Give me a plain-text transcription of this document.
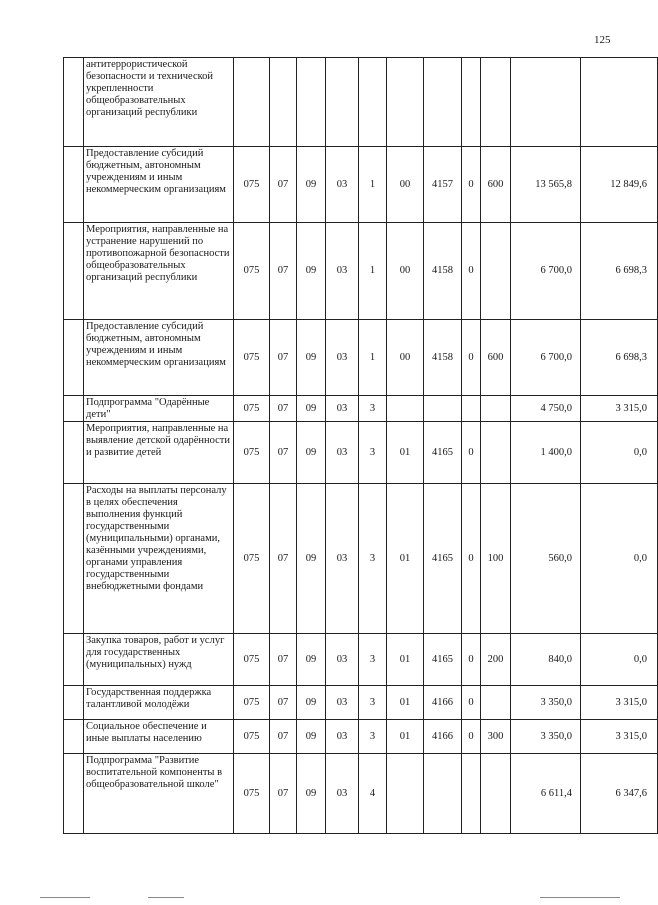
125
	антитеррористической безопасности и технической укрепленности общеобразовательных организаций республики											
	Предоставление субсидий бюджетным, автономным учреждениям и иным некоммерческим организациям	075	07	09	03	1	00	4157	0	600	13 565,8	12 849,6
	Мероприятия, направленные на устранение нарушений по противопожарной безопасности общеобразовательных организаций республики	075	07	09	03	1	00	4158	0		6 700,0	6 698,3
	Предоставление субсидий бюджетным, автономным учреждениям и иным некоммерческим организациям	075	07	09	03	1	00	4158	0	600	6 700,0	6 698,3
	Подпрограмма "Одарённые дети"	075	07	09	03	3					4 750,0	3 315,0
	Мероприятия, направленные на выявление детской одарённости и развитие детей	075	07	09	03	3	01	4165	0		1 400,0	0,0
	Расходы на выплаты персоналу в целях обеспечения выполнения функций государственными (муниципальными) органами, казёнными учреждениями, органами управления государственными внебюджетными фондами	075	07	09	03	3	01	4165	0	100	560,0	0,0
	Закупка товаров, работ и услуг для государственных (муниципальных) нужд	075	07	09	03	3	01	4165	0	200	840,0	0,0
	Государственная поддержка талантливой молодёжи	075	07	09	03	3	01	4166	0		3 350,0	3 315,0
	Социальное обеспечение и иные выплаты населению	075	07	09	03	3	01	4166	0	300	3 350,0	3 315,0
	Подпрограмма "Развитие воспитательной компоненты в общеобразовательной школе"	075	07	09	03	4					6 611,4	6 347,6
